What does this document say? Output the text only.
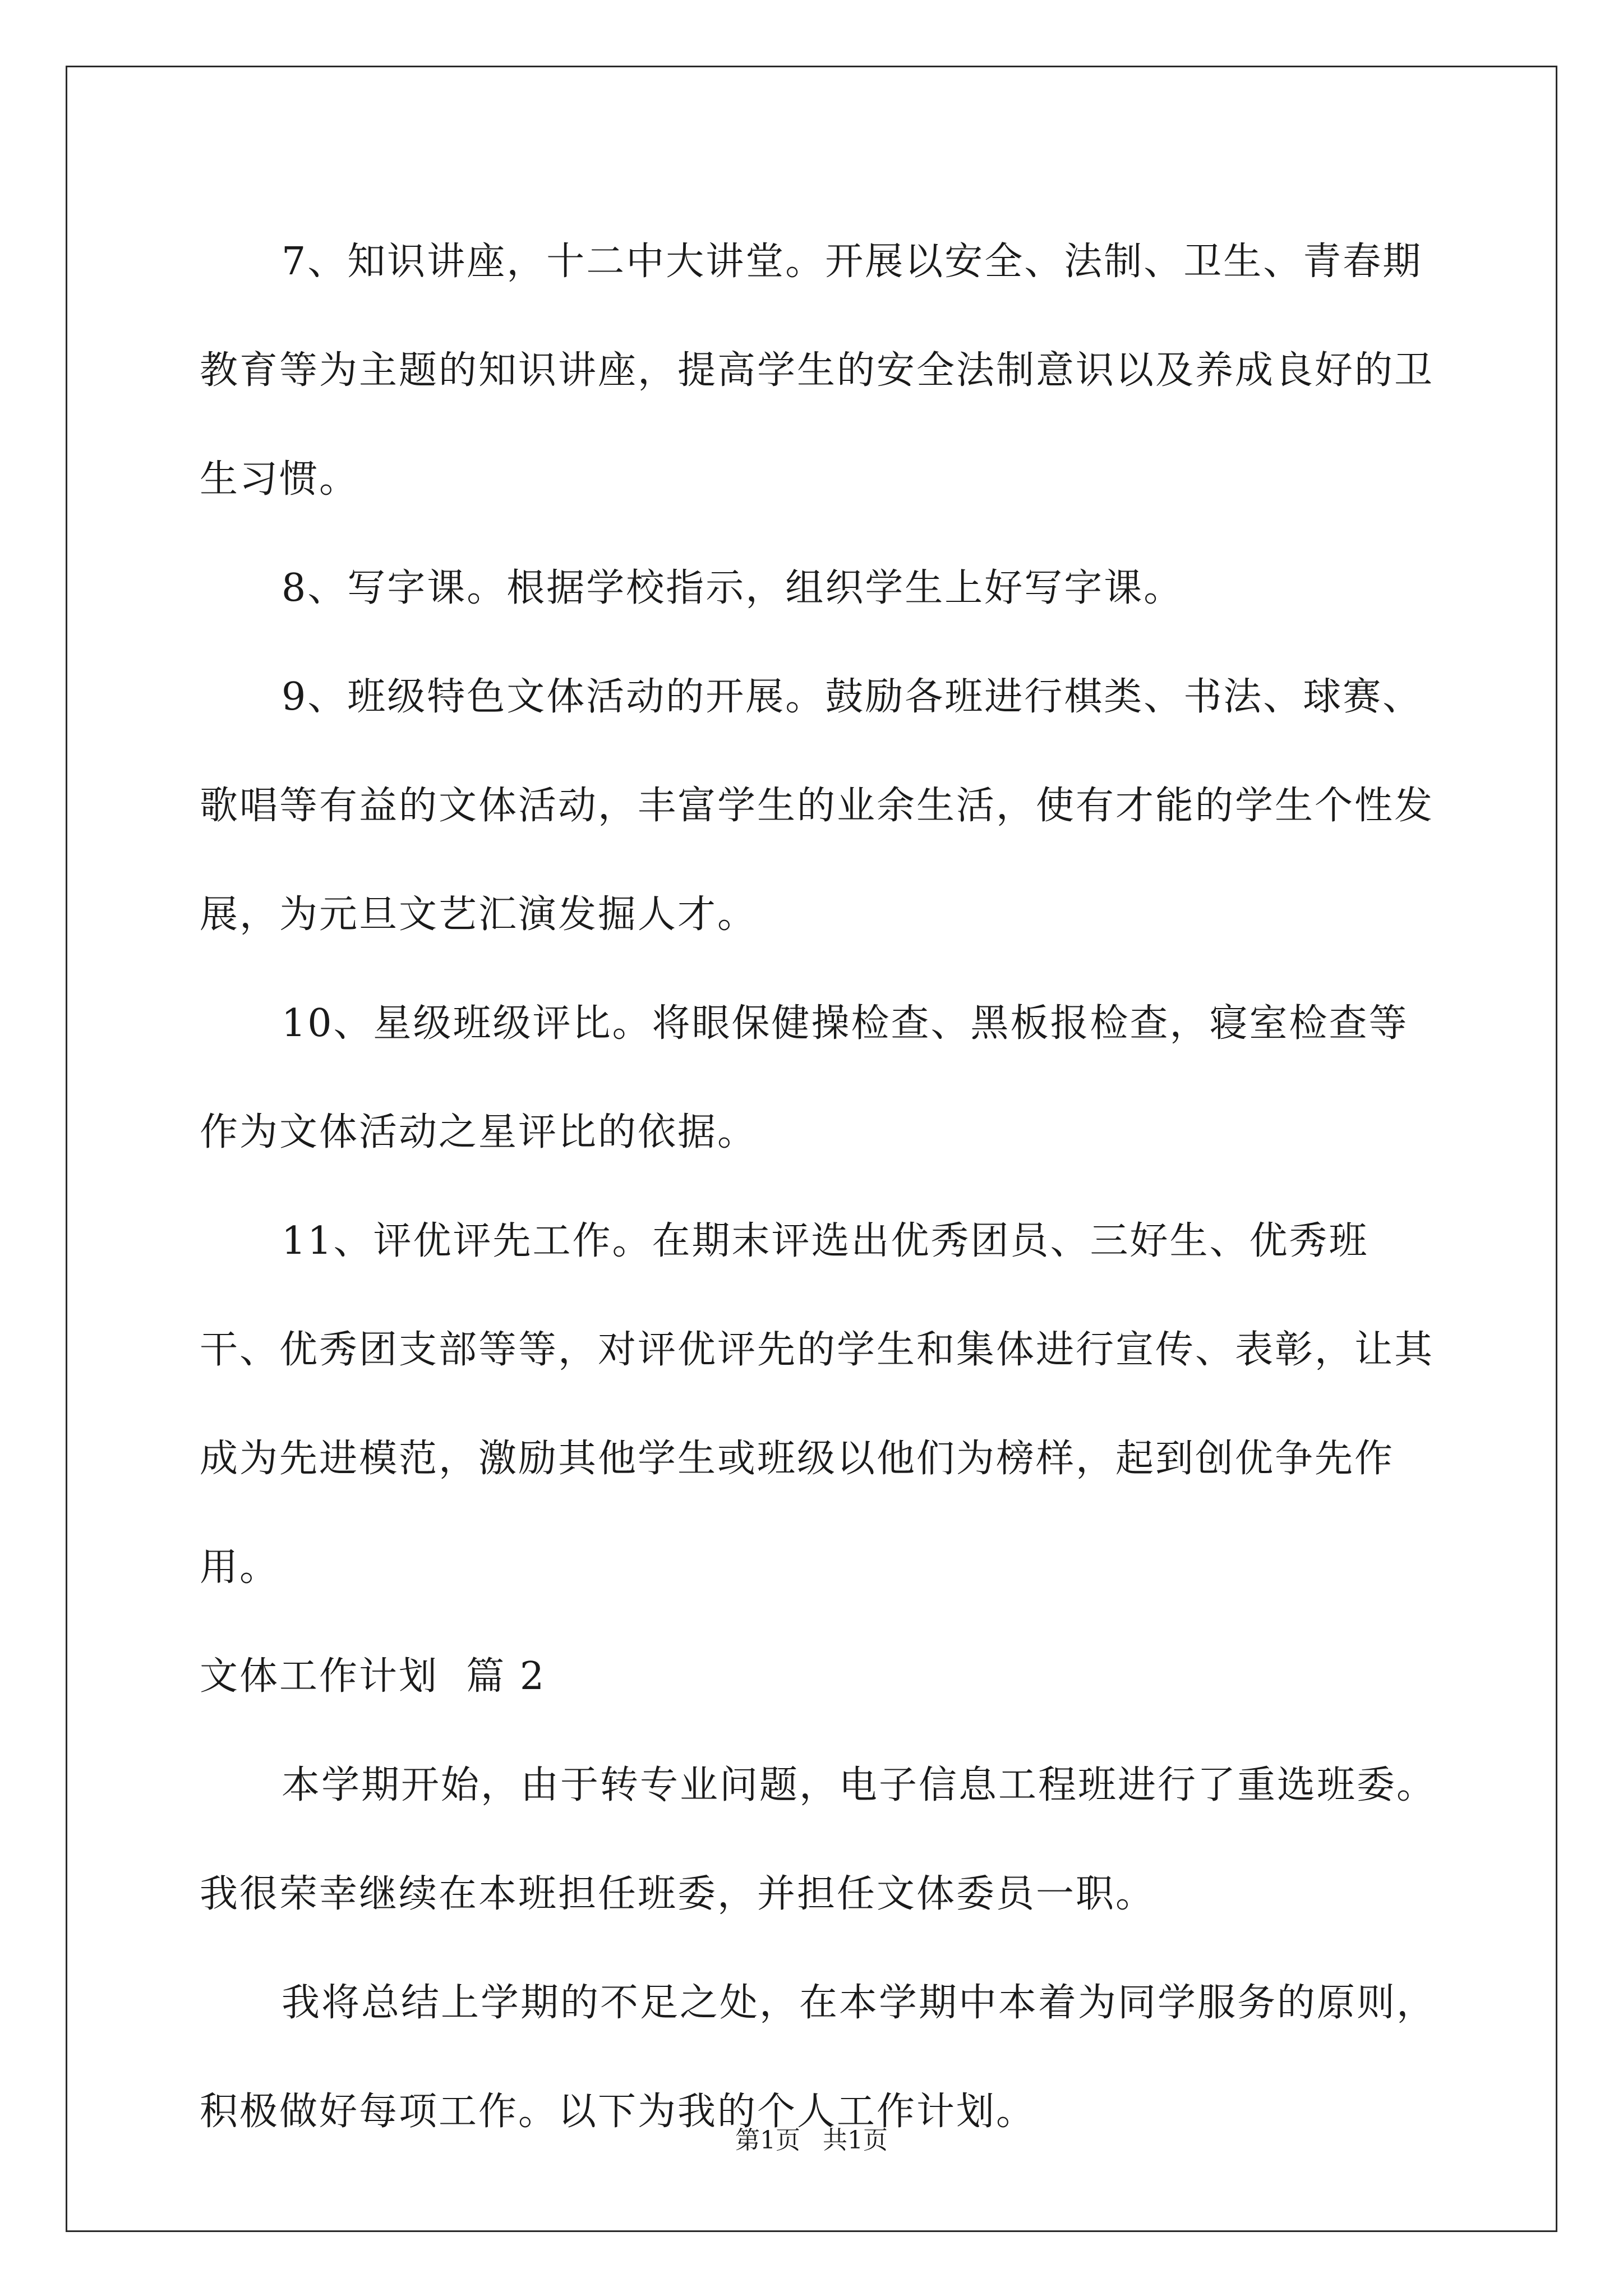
7、知识讲座，十二中大讲堂。开展以安全、法制、卫生、青春期教育等为主题的知识讲座，提高学生的安全法制意识以及养成良好的卫生习惯。

8、写字课。根据学校指示，组织学生上好写字课。

9、班级特色文体活动的开展。鼓励各班进行棋类、书法、球赛、歌唱等有益的文体活动，丰富学生的业余生活，使有才能的学生个性发展，为元旦文艺汇演发掘人才。

10、星级班级评比。将眼保健操检查、黑板报检查，寝室检查等作为文体活动之星评比的依据。

11、评优评先工作。在期末评选出优秀团员、三好生、优秀班干、优秀团支部等等，对评优评先的学生和集体进行宣传、表彰，让其成为先进模范，激励其他学生或班级以他们为榜样，起到创优争先作用。

文体工作计划  篇 2

本学期开始，由于转专业问题，电子信息工程班进行了重选班委。我很荣幸继续在本班担任班委，并担任文体委员一职。

我将总结上学期的不足之处，在本学期中本着为同学服务的原则，积极做好每项工作。以下为我的个人工作计划。

第1页 共1页
